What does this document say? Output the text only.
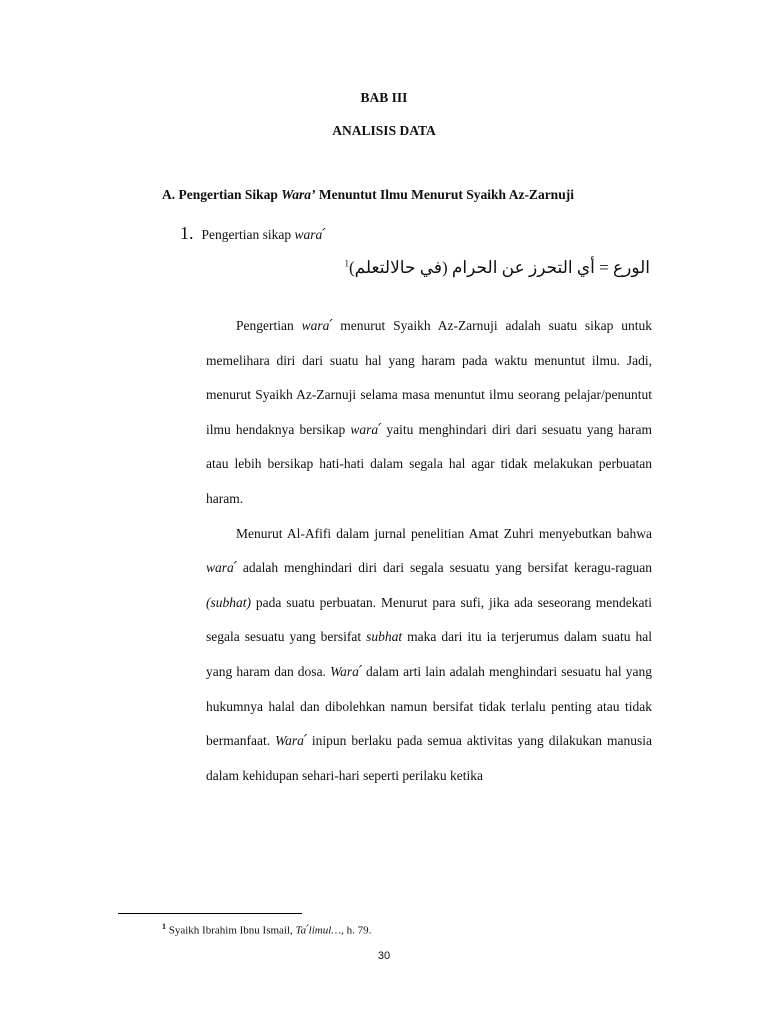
BAB III
ANALISIS DATA
A. Pengertian Sikap Wara’ Menuntut Ilmu Menurut Syaikh Az-Zarnuji
1. Pengertian sikap wara՛
الورع = أي التحرز عن الحرام (في حالالتعلم)$^1$

Pengertian wara՛ menurut Syaikh Az-Zarnuji adalah suatu sikap untuk memelihara diri dari suatu hal yang haram pada waktu menuntut ilmu. Jadi, menurut Syaikh Az-Zarnuji selama masa menuntut ilmu seorang pelajar/penuntut ilmu hendaknya bersikap wara՛ yaitu menghindari diri dari sesuatu yang haram atau lebih bersikap hati-hati dalam segala hal agar tidak melakukan perbuatan haram.

Menurut Al-Afifi dalam jurnal penelitian Amat Zuhri menyebutkan bahwa wara՛ adalah menghindari diri dari segala sesuatu yang bersifat keragu-raguan (subhat) pada suatu perbuatan. Menurut para sufi, jika ada seseorang mendekati segala sesuatu yang bersifat subhat maka dari itu ia terjerumus dalam suatu hal yang haram dan dosa. Wara՛ dalam arti lain adalah menghindari sesuatu hal yang hukumnya halal dan dibolehkan namun bersifat tidak terlalu penting atau tidak bermanfaat. Wara՛ inipun berlaku pada semua aktivitas yang dilakukan manusia dalam kehidupan sehari-hari seperti perilaku ketika

$^1$ Syaikh Ibrahim Ibnu Ismail, Ta՛limul…, h. 79.
30
